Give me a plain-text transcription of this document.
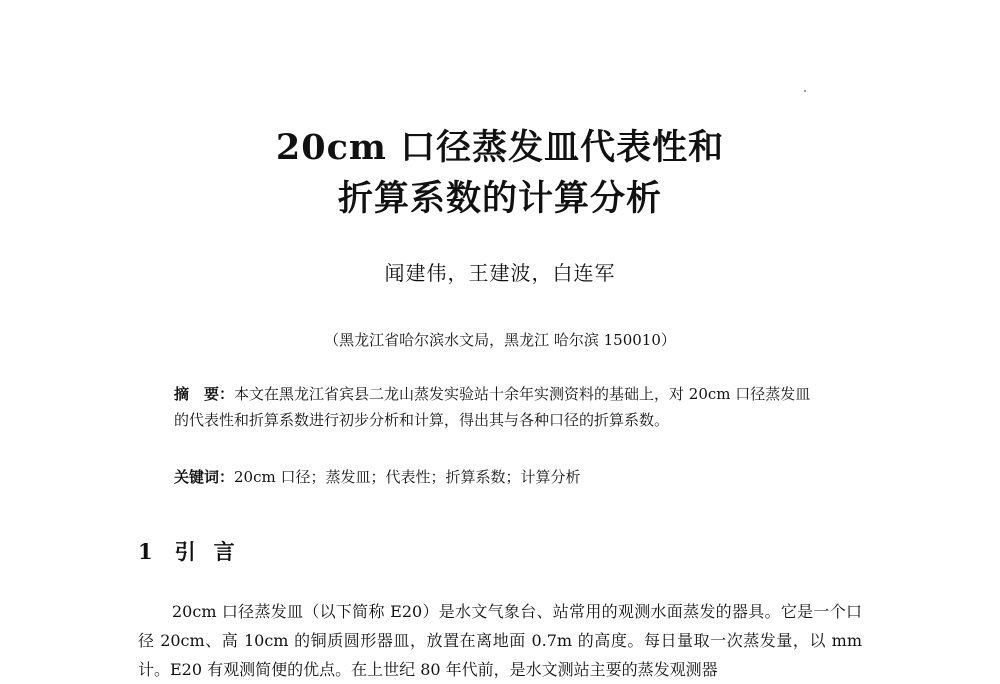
20cm 口径蒸发皿代表性和
折算系数的计算分析
闻建伟，王建波，白连军
（黑龙江省哈尔滨水文局，黑龙江 哈尔滨 150010）

摘　要：本文在黑龙江省宾县二龙山蒸发实验站十余年实测资料的基础上，对 20cm 口径蒸发皿的代表性和折算系数进行初步分析和计算，得出其与各种口径的折算系数。

关键词：20cm 口径；蒸发皿；代表性；折算系数；计算分析
1 引言

20cm 口径蒸发皿（以下简称 E20）是水文气象台、站常用的观测水面蒸发的器具。它是一个口径 20cm、高 10cm 的铜质圆形器皿，放置在离地面 0.7m 的高度。每日量取一次蒸发量，以 mm 计。E20 有观测简便的优点。在上世纪 80 年代前，是水文测站主要的蒸发观测器
